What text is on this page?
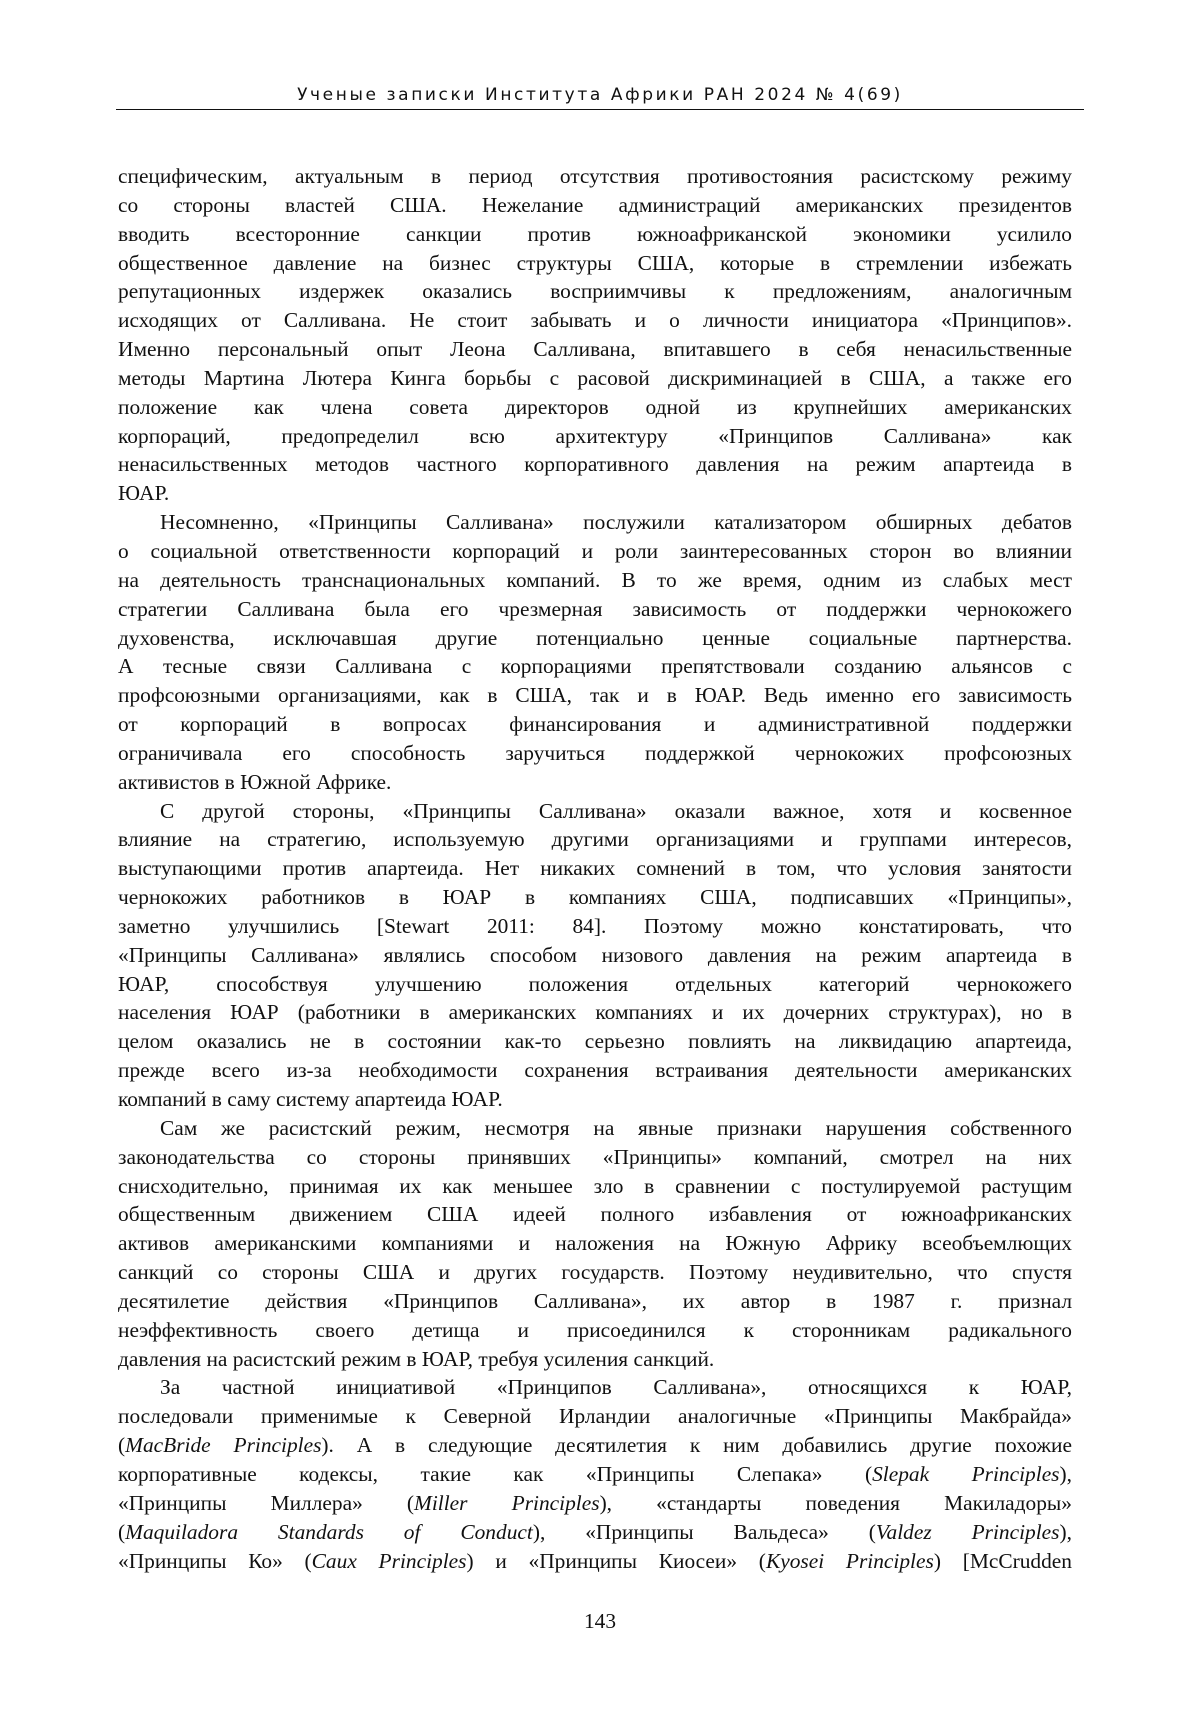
Ученые записки Института Африки РАН 2024 № 4(69)

специфическим, актуальным в период отсутствия противостояния расистскому режиму
со стороны властей США. Нежелание администраций американских президентов
вводить всесторонние санкции против южноафриканской экономики усилило
общественное давление на бизнес структуры США, которые в стремлении избежать
репутационных издержек оказались восприимчивы к предложениям, аналогичным
исходящих от Салливана. Не стоит забывать и о личности инициатора «Принципов».
Именно персональный опыт Леона Салливана, впитавшего в себя ненасильственные
методы Мартина Лютера Кинга борьбы с расовой дискриминацией в США, а также его
положение как члена совета директоров одной из крупнейших американских
корпораций, предопределил всю архитектуру «Принципов Салливана» как
ненасильственных методов частного корпоративного давления на режим апартеида в
ЮАР.

Несомненно, «Принципы Салливана» послужили катализатором обширных дебатов
о социальной ответственности корпораций и роли заинтересованных сторон во влиянии
на деятельность транснациональных компаний. В то же время, одним из слабых мест
стратегии Салливана была его чрезмерная зависимость от поддержки чернокожего
духовенства, исключавшая другие потенциально ценные социальные партнерства.
А тесные связи Салливана с корпорациями препятствовали созданию альянсов с
профсоюзными организациями, как в США, так и в ЮАР. Ведь именно его зависимость
от корпораций в вопросах финансирования и административной поддержки
ограничивала его способность заручиться поддержкой чернокожих профсоюзных
активистов в Южной Африке.

С другой стороны, «Принципы Салливана» оказали важное, хотя и косвенное
влияние на стратегию, используемую другими организациями и группами интересов,
выступающими против апартеида. Нет никаких сомнений в том, что условия занятости
чернокожих работников в ЮАР в компаниях США, подписавших «Принципы»,
заметно улучшились [Stewart 2011: 84]. Поэтому можно констатировать, что
«Принципы Салливана» являлись способом низового давления на режим апартеида в
ЮАР, способствуя улучшению положения отдельных категорий чернокожего
населения ЮАР (работники в американских компаниях и их дочерних структурах), но в
целом оказались не в состоянии как-то серьезно повлиять на ликвидацию апартеида,
прежде всего из-за необходимости сохранения встраивания деятельности американских
компаний в саму систему апартеида ЮАР.

Сам же расистский режим, несмотря на явные признаки нарушения собственного
законодательства со стороны принявших «Принципы» компаний, смотрел на них
снисходительно, принимая их как меньшее зло в сравнении с постулируемой растущим
общественным движением США идеей полного избавления от южноафриканских
активов американскими компаниями и наложения на Южную Африку всеобъемлющих
санкций со стороны США и других государств. Поэтому неудивительно, что спустя
десятилетие действия «Принципов Салливана», их автор в 1987 г. признал
неэффективность своего детища и присоединился к сторонникам радикального
давления на расистский режим в ЮАР, требуя усиления санкций.

За частной инициативой «Принципов Салливана», относящихся к ЮАР,
последовали применимые к Северной Ирландии аналогичные «Принципы Макбрайда»
(MacBride Principles). А в следующие десятилетия к ним добавились другие похожие
корпоративные кодексы, такие как «Принципы Слепака» (Slepak Principles),
«Принципы Миллера» (Miller Principles), «стандарты поведения Макиладоры»
(Maquiladora Standards of Conduct), «Принципы Вальдеса» (Valdez Principles),
«Принципы Ко» (Caux Principles) и «Принципы Киосеи» (Kyosei Principles) [McCrudden

143
